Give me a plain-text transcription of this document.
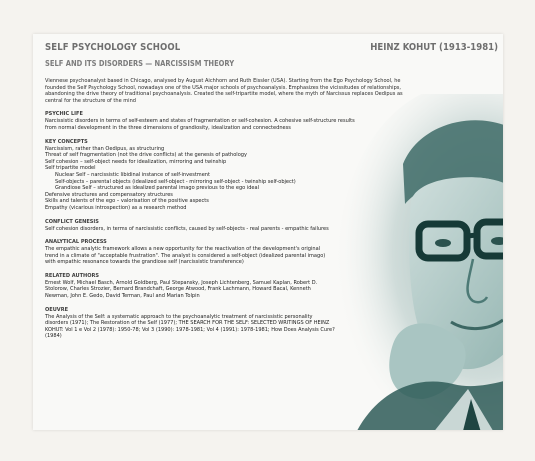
SELF PSYCHOLOGY SCHOOL	HEINZ KOHUT (1913-1981)
SELF AND ITS DISORDERS — NARCISSISM THEORY
Viennese psychoanalyst based in Chicago, analysed by August Aichhorn and Ruth Eissler (USA). Starting from the Ego Psychology School, he founded the Self Psychology School, nowadays one of the USA major schools of psychoanalysis. Emphasizes the vicissitudes of relationships, abandoning the drive theory of traditional psychoanalysis. Created the self-tripartite model, where the myth of Narcissus replaces Oedipus as central for the structure of the mind
PSYCHIC LIFE
Narcissistic disorders in terms of self-esteem and states of fragmentation or self-cohesion. A cohesive self-structure results from normal development in the three dimensions of grandiosity, idealization and connectedness
KEY CONCEPTS
Narcissism, rather than Oedipus, as structuring
Threat of self fragmentation (not the drive conflicts) at the genesis of pathology
Self cohesion – self-object needs for idealization, mirroring and twinship
Self tripartite model
Nuclear Self – narcissistic libidinal instance of self-investment
Self-objects – parental objects (idealized self-object - mirroring self-object - twinship self-object)
Grandiose Self – structured as idealized parental imago previous to the ego ideal
Defensive structures and compensatory structures
Skills and talents of the ego – valorisation of the positive aspects
Empathy (vicarious introspection) as a research method
CONFLICT GENESIS
Self cohesion disorders, in terms of narcissistic conflicts, caused by self-objects - real parents - empathic failures
ANALYTICAL PROCESS
The empathic analytic framework allows a new opportunity for the reactivation of the development's original trend in a climate of "acceptable frustration". The analyst is considered a self-object (idealized parental imago) with empathic resonance towards the grandiose self (narcissistic transference)
RELATED AUTHORS
Ernest Wolf, Michael Basch, Arnold Goldberg, Paul Stepansky, Joseph Lichtenberg, Samuel Kaplan, Robert D. Stolorow, Charles Strozier, Bernard Brandchaft, George Atwood, Frank Lachmann, Howard Bacal, Kenneth Newman, John E. Gedo, David Terman, Paul and Marian Tolpin
OEUVRE
The Analysis of the Self: a systematic approach to the psychoanalytic treatment of narcissistic personality disorders (1971); The Restoration of the Self (1977); THE SEARCH FOR THE SELF: SELECTED WRITINGS OF HEINZ KOHUT: Vol 1 e Vol 2 (1978): 1950-78; Vol 3 (1990): 1978-1981; Vol 4 (1991): 1978-1981; How Does Analysis Cure? (1984)
